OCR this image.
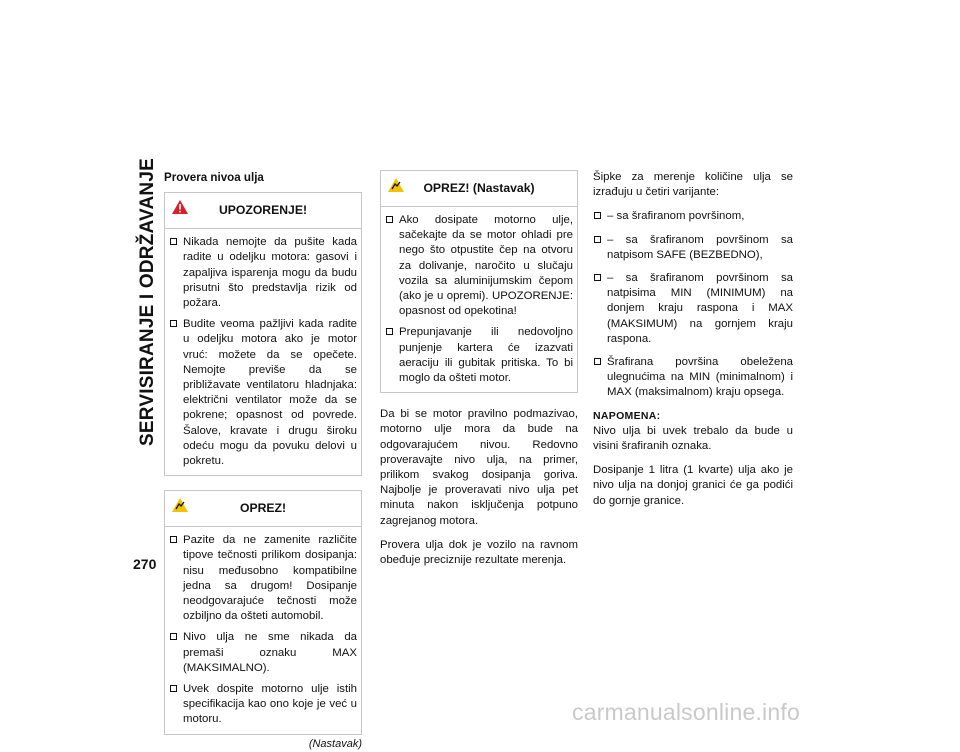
SERVISIRANJE I ODRŽAVANJE
270
Provera nivoa ulja
UPOZORENJE!
Nikada nemojte da pušite kada radite u odeljku motora: gasovi i zapaljiva isparenja mogu da budu prisutni što predstavlja rizik od požara.
Budite veoma pažljivi kada radite u odeljku motora ako je motor vruć: možete da se opečete. Nemojte previše da se približavate ventilatoru hladnjaka: električni ventilator može da se pokrene; opasnost od povrede. Šalove, kravate i drugu široku odeću mogu da povuku delovi u pokretu.
OPREZ!
Pazite da ne zamenite različite tipove tečnosti prilikom dosipanja: nisu međusobno kompatibilne jedna sa drugom! Dosipanje neodgovarajuće tečnosti može ozbiljno da ošteti automobil.
Nivo ulja ne sme nikada da premaši oznaku MAX (MAKSIMALNO).
Uvek dospite motorno ulje istih specifikacija kao ono koje je već u motoru.
(Nastavak)
OPREZ! (Nastavak)
Ako dosipate motorno ulje, sačekajte da se motor ohladi pre nego što otpustite čep na otvoru za dolivanje, naročito u slučaju vozila sa aluminijumskim čepom (ako je u opremi). UPOZORENJE: opasnost od opekotina!
Prepunjavanje ili nedovoljno punjenje kartera će izazvati aeraciju ili gubitak pritiska. To bi moglo da ošteti motor.

Da bi se motor pravilno podmazivao, motorno ulje mora da bude na odgovarajućem nivou. Redovno proveravajte nivo ulja, na primer, prilikom svakog dosipanja goriva. Najbolje je proveravati nivo ulja pet minuta nakon isključenja potpuno zagrejanog motora.

Provera ulja dok je vozilo na ravnom obeđuje preciznije rezultate merenja.

Šipke za merenje količine ulja se izrađuju u četiri varijante:

– sa šrafiranom površinom,
– sa šrafiranom površinom sa natpisom SAFE (BEZBEDNO),
– sa šrafiranom površinom sa natpisima MIN (MINIMUM) na donjem kraju raspona i MAX (MAKSIMUM) na gornjem kraju raspona.
Šrafirana površina obeležena ulegnućima na MIN (minimalnom) i MAX (maksimalnom) kraju opsega.
NAPOMENA:

Nivo ulja bi uvek trebalo da bude u visini šrafiranih oznaka.

Dosipanje 1 litra (1 kvarte) ulja ako je nivo ulja na donjoj granici će ga podići do gornje granice.

carmanualsonline.info
